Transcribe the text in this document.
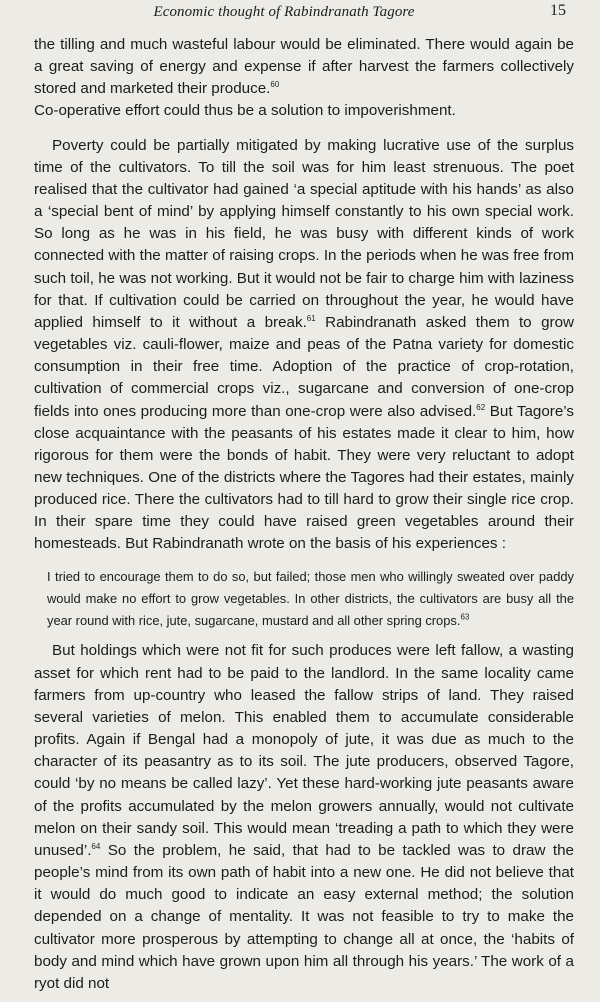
Economic thought of Rabindranath Tagore	15

the tilling and much wasteful labour would be eliminated. There would again be a great saving of energy and expense if after harvest the farmers collectively stored and marketed their produce.$^{60}$

Co-operative effort could thus be a solution to impoverishment.

Poverty could be partially mitigated by making lucrative use of the surplus time of the cultivators. To till the soil was for him least strenuous. The poet realised that the cultivator had gained ‘a special aptitude with his hands’ as also a ‘special bent of mind’ by applying himself constantly to his own special work. So long as he was in his field, he was busy with different kinds of work connected with the matter of raising crops. In the periods when he was free from such toil, he was not working. But it would not be fair to charge him with laziness for that. If cultivation could be carried on throughout the year, he would have applied himself to it without a break.$^{61}$ Rabindranath asked them to grow vegetables viz. cauli-flower, maize and peas of the Patna variety for domestic consumption in their free time. Adoption of the practice of crop-rotation, cultivation of commercial crops viz., sugarcane and conversion of one-crop fields into ones producing more than one-crop were also advised.$^{62}$ But Tagore’s close acquaintance with the peasants of his estates made it clear to him, how rigorous for them were the bonds of habit. They were very reluctant to adopt new techniques. One of the districts where the Tagores had their estates, mainly produced rice. There the cultivators had to till hard to grow their single rice crop. In their spare time they could have raised green vegetables around their homesteads. But Rabindranath wrote on the basis of his experiences :

I tried to encourage them to do so, but failed; those men who willingly sweated over paddy would make no effort to grow vegetables. In other districts, the cultivators are busy all the year round with rice, jute, sugarcane, mustard and all other spring crops.$^{63}$

But holdings which were not fit for such produces were left fallow, a wasting asset for which rent had to be paid to the landlord. In the same locality came farmers from up-country who leased the fallow strips of land. They raised several varieties of melon. This enabled them to accumulate considerable profits. Again if Bengal had a monopoly of jute, it was due as much to the character of its peasantry as to its soil. The jute producers, observed Tagore, could ‘by no means be called lazy’. Yet these hard-working jute peasants aware of the profits accumulated by the melon growers annually, would not cultivate melon on their sandy soil. This would mean ‘treading a path to which they were unused’.$^{64}$ So the problem, he said, that had to be tackled was to draw the people’s mind from its own path of habit into a new one. He did not believe that it would do much good to indicate an easy external method; the solution depended on a change of mentality. It was not feasible to try to make the cultivator more prosperous by attempting to change all at once, the ‘habits of body and mind which have grown upon him all through his years.’ The work of a ryot did not
